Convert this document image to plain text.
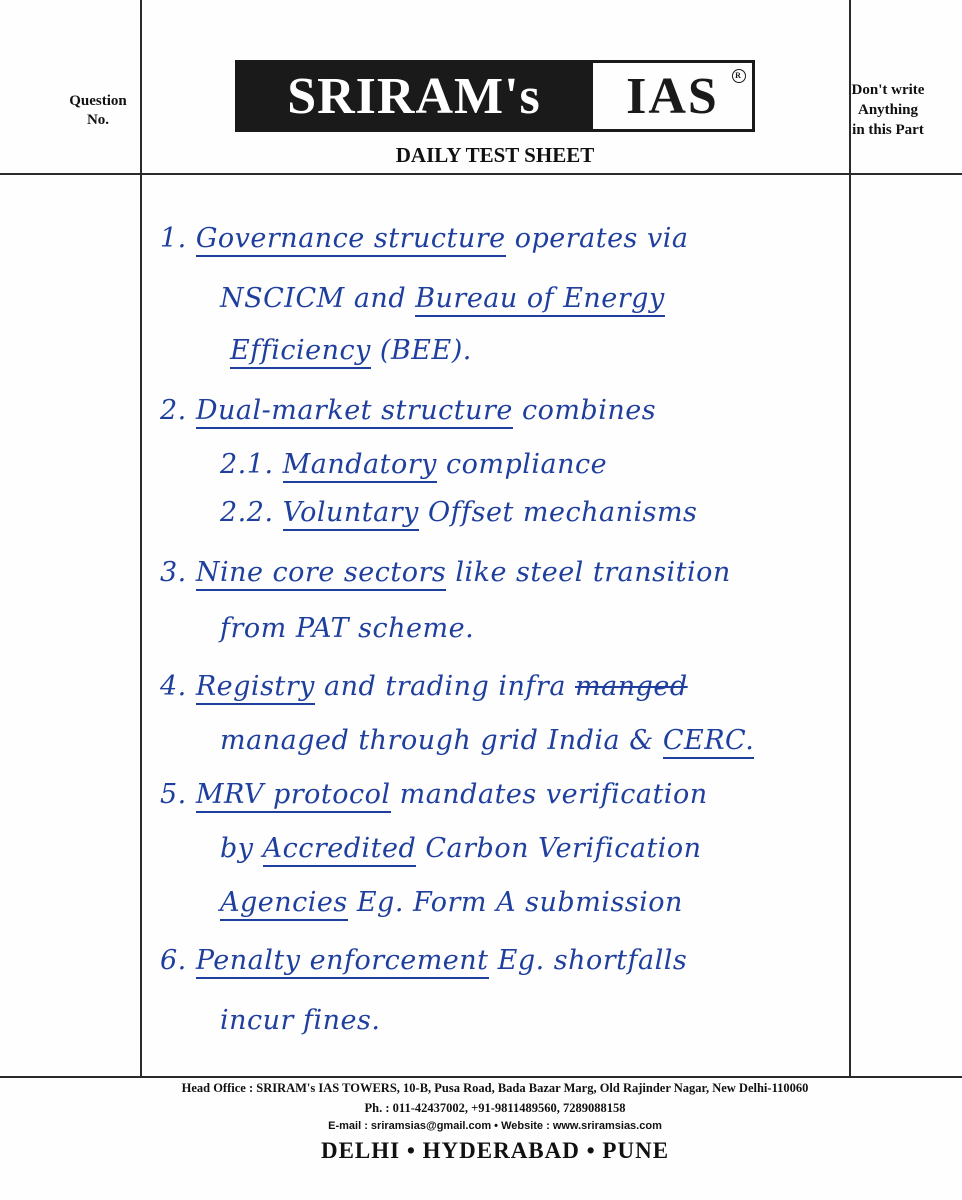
Question
No.	SRIRAM's	IAS	R
DAILY TEST SHEET
Don't write
Anything
in this Part
1. Governance structure operates via
NSCICM and Bureau of Energy
Efficiency (BEE).
2. Dual-market structure combines
2.1. Mandatory compliance
2.2. Voluntary Offset mechanisms
3. Nine core sectors like steel transition
from PAT scheme.
4. Registry and trading infra manged
managed through grid India & CERC.
5. MRV protocol mandates verification
by Accredited Carbon Verification
Agencies Eg. Form A submission
6. Penalty enforcement Eg. shortfalls
incur fines.
Head Office : SRIRAM's IAS TOWERS, 10-B, Pusa Road, Bada Bazar Marg, Old Rajinder Nagar, New Delhi-110060
Ph. : 011-42437002, +91-9811489560, 7289088158
E-mail : sriramsias@gmail.com • Website : www.sriramsias.com
DELHI • HYDERABAD • PUNE
